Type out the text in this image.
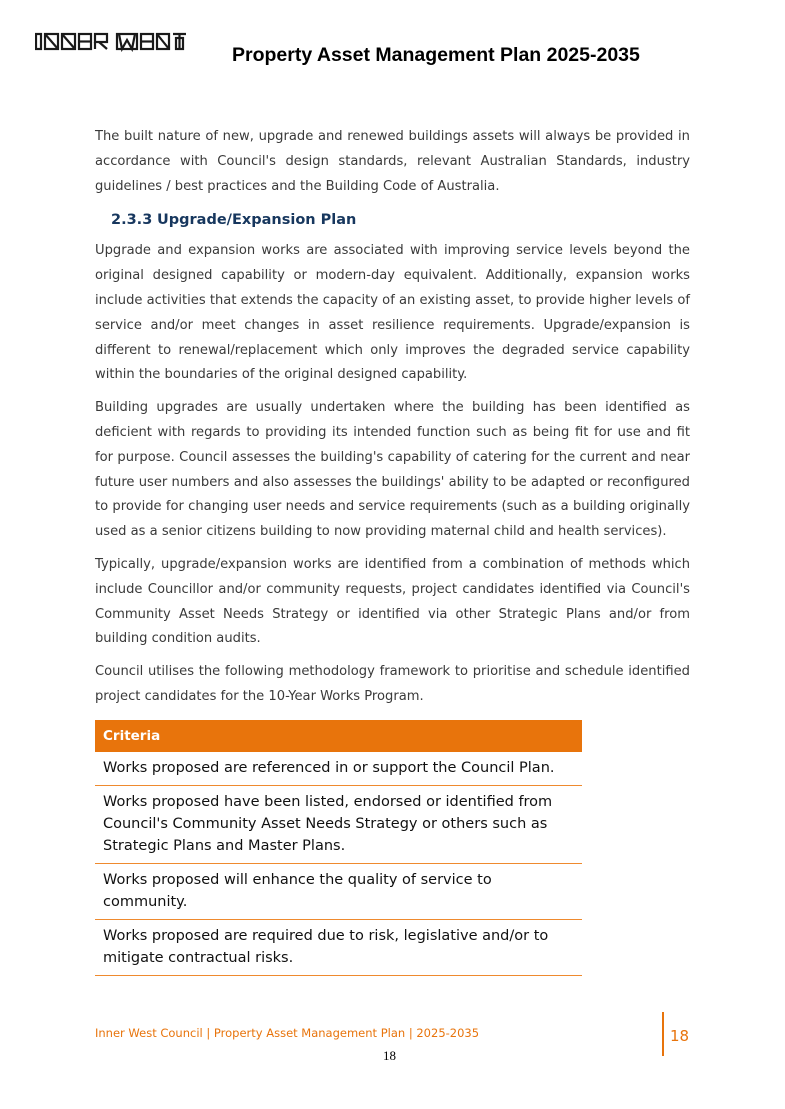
Property Asset Management Plan 2025-2035

The built nature of new, upgrade and renewed buildings assets will always be provided in accordance with Council's design standards, relevant Australian Standards, industry guidelines / best practices and the Building Code of Australia.

2.3.3 Upgrade/Expansion Plan

Upgrade and expansion works are associated with improving service levels beyond the original designed capability or modern-day equivalent. Additionally, expansion works include activities that extends the capacity of an existing asset, to provide higher levels of service and/or meet changes in asset resilience requirements. Upgrade/expansion is different to renewal/replacement which only improves the degraded service capability within the boundaries of the original designed capability.

Building upgrades are usually undertaken where the building has been identified as deficient with regards to providing its intended function such as being fit for use and fit for purpose. Council assesses the building's capability of catering for the current and near future user numbers and also assesses the buildings' ability to be adapted or reconfigured to provide for changing user needs and service requirements (such as a building originally used as a senior citizens building to now providing maternal child and health services).

Typically, upgrade/expansion works are identified from a combination of methods which include Councillor and/or community requests, project candidates identified via Council's Community Asset Needs Strategy or identified via other Strategic Plans and/or from building condition audits.

Council utilises the following methodology framework to prioritise and schedule identified project candidates for the 10-Year Works Program.

Criteria
Works proposed are referenced in or support the Council Plan.
Works proposed have been listed, endorsed or identified from Council's Community Asset Needs Strategy or others such as Strategic Plans and Master Plans.
Works proposed will enhance the quality of service to community.
Works proposed are required due to risk, legislative and/or to mitigate contractual risks.
Inner West Council | Property Asset Management Plan | 2025-2035	18
18
